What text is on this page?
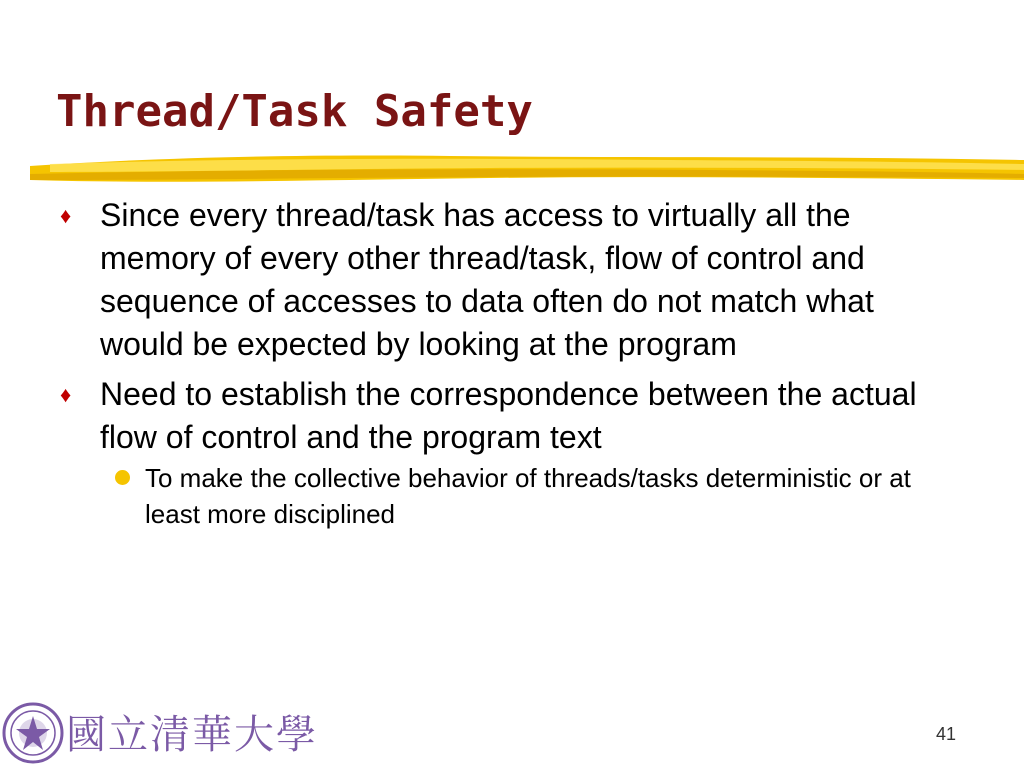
Thread/Task Safety
♦ Since every thread/task has access to virtually all the memory of every other thread/task, flow of control and sequence of accesses to data often do not match what would be expected by looking at the program
♦ Need to establish the correspondence between the actual flow of control and the program text
To make the collective behavior of threads/tasks deterministic or at least more disciplined
國立清華大學	41
